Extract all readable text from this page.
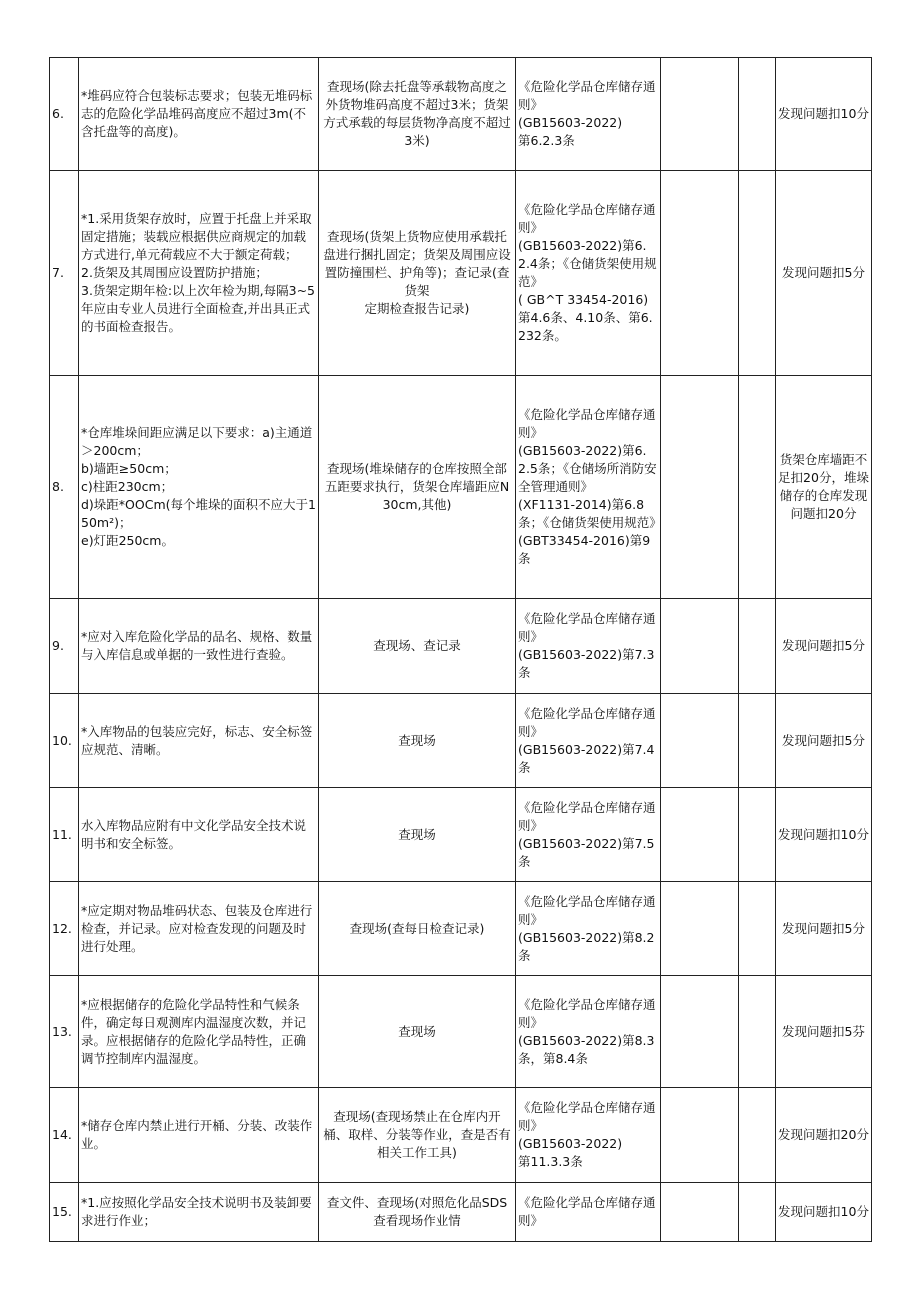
6.	*堆码应符合包装标志要求；包装无堆码标志的危险化学品堆码高度应不超过3m(不含托盘等的高度)。	查现场(除去托盘等承载物高度之外货物堆码高度不超过3米；货架方式承载的每层货物净高度不超过3米)	《危险化学品仓库储存通则》
(GB15603-2022)
第6.2.3条			发现问题扣10分
7.	*1.采用货架存放时，应置于托盘上并采取固定措施；装载应根据供应商规定的加载方式进行,单元荷载应不大于额定荷载；
2.货架及其周围应设置防护措施；
3.货架定期年检:以上次年检为期,每隔3~5年应由专业人员进行全面检查,并出具正式的书面检查报告。	查现场(货架上货物应使用承载托盘进行捆扎固定；货架及周围应设置防撞围栏、护角等)；查记录(查货架
定期检查报告记录)	《危险化学品仓库储存通则》
(GB15603-2022)第6.2.4条；《仓储货架使用规范》
( GB^T 33454-2016)第4.6条、4.10条、第6.232条。			发现问题扣5分
8.	*仓库堆垛间距应满足以下要求：a)主通道＞200cm；
b)墙距≥50cm；
c)柱距230cm；
d)垛距*OOCm(每个堆垛的面积不应大于150m²)；
e)灯距250cm。	查现场(堆垛储存的仓库按照全部五距要求执行，货架仓库墙距应N30cm,其他)	《危险化学品仓库储存通则》
(GB15603-2022)第6.2.5条；《仓储场所消防安全管理通则》
(XF1131-2014)第6.8条；《仓储货架使用规范》(GBT33454-2016)第9条			货架仓库墙距不足扣20分，堆垛储存的仓库发现问题扣20分
9.	*应对入库危险化学品的品名、规格、数量与入库信息或单据的一致性进行查验。	查现场、查记录	《危险化学品仓库储存通则》
(GB15603-2022)第7.3条			发现问题扣5分
10.	*入库物品的包装应完好，标志、安全标签应规范、清晰。	查现场	《危险化学品仓库储存通则》
(GB15603-2022)第7.4条			发现问题扣5分
11.	水入库物品应附有中文化学品安全技术说明书和安全标签。	查现场	《危险化学品仓库储存通则》
(GB15603-2022)第7.5条			发现问题扣10分
12.	*应定期对物品堆码状态、包装及仓库进行检查，并记录。应对检查发现的问题及时进行处理。	查现场(查每日检查记录)	《危险化学品仓库储存通则》
(GB15603-2022)第8.2条			发现问题扣5分
13.	*应根据储存的危险化学品特性和气候条件，确定每日观测库内温湿度次数，并记录。应根据储存的危险化学品特性，正确调节控制库内温湿度。	查现场	《危险化学品仓库储存通则》
(GB15603-2022)第8.3条，第8.4条			发现问题扣5芬
14.	*储存仓库内禁止进行开桶、分装、改装作业。	查现场(查现场禁止在仓库内开桶、取样、分装等作业，查是否有相关工作工具)	《危险化学品仓库储存通则》
(GB15603-2022)
第11.3.3条			发现问题扣20分
15.	*1.应按照化学品安全技术说明书及装卸要求进行作业；	查文件、查现场(对照危化品SDS查看现场作业情	《危险化学品仓库储存通则》			发现问题扣10分
